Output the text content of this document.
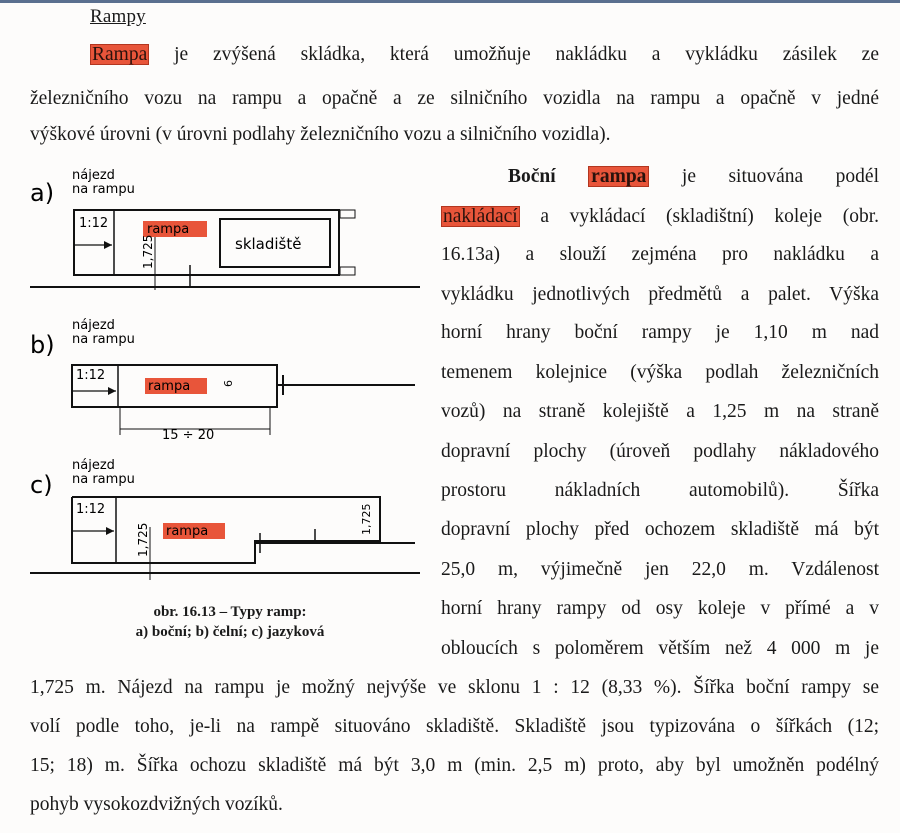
Rampy
Rampa je zvýšená skládka, která umožňuje nakládku a vykládku zásilek ze
železničního vozu na rampu a opačně a ze silničního vozidla na rampu a opačně v jedné
výškové úrovni (v úrovni podlahy železničního vozu a silničního vozidla).
Boční rampa je situována podél
nakládací a vykládací (skladištní) koleje (obr.
16.13a) a slouží zejména pro nakládku a
vykládku jednotlivých předmětů a palet. Výška
horní hrany boční rampy je 1,10 m nad
temenem kolejnice (výška podlah železničních
vozů) na straně kolejiště a 1,25 m na straně
dopravní plochy (úroveň podlahy nákladového
prostoru nákladních automobilů). Šířka
dopravní plochy před ochozem skladiště má být
25,0 m, výjimečně jen 22,0 m. Vzdálenost
horní hrany rampy od osy koleje v přímé a v
obloucích s poloměrem větším než 4 000 m je
1,725 m. Nájezd na rampu je možný nejvýše ve sklonu 1 : 12 (8,33 %). Šířka boční rampy se
volí podle toho, je-li na rampě situováno skladiště. Skladiště jsou typizována o šířkách (12;
15; 18) m. Šířka ochozu skladiště má být 3,0 m (min. 2,5 m) proto, aby byl umožněn podélný
pohyb vysokozdvižných vozíků.
obr. 16.13 – Typy ramp:
a) boční; b) čelní; c) jazyková
a)
nájezd
na rampu
1:12	rampa
skladiště
1,725
b)
nájezd
na rampu
1:12
rampa	6
15 ÷ 20
c)
nájezd
na rampu
1:12
rampa
1,725
1,725
